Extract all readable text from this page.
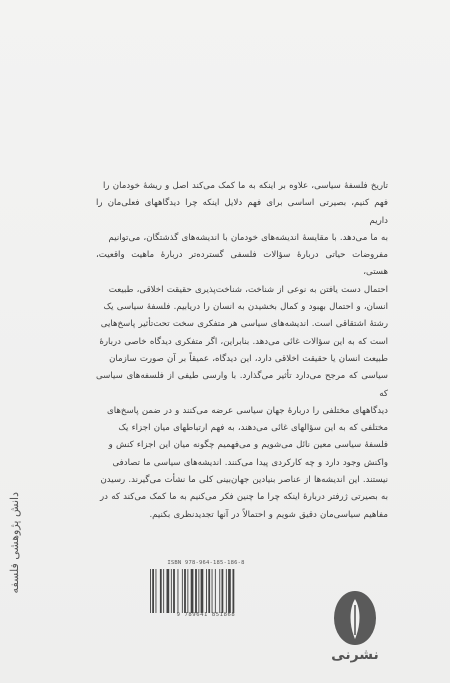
تاریخ فلسفهٔ سیاسی، علاوه بر اینکه به ما کمک می‌کند اصل و ریشهٔ خودمان را

فهم کنیم، بصیرتی اساسی برای فهم دلایل اینکه چرا دیدگاههای فعلی‌مان را داریم

به ما می‌دهد. با مقایسهٔ اندیشه‌های خودمان با اندیشه‌های گذشتگان، می‌توانیم

مفروضات حیاتی دربارهٔ سؤالات فلسفی گسترده‌تر دربارهٔ ماهیت واقعیت، هستی،

احتمال دست یافتن به نوعی از شناخت، شناخت‌پذیری حقیقت اخلاقی، طبیعت

انسان، و احتمال بهبود و کمال بخشیدن به انسان را دریابیم. فلسفهٔ سیاسی یک

رشتهٔ اشتقاقی است. اندیشه‌های سیاسی هر متفکری سخت تحت‌تأثیر پاسخ‌هایی

است که به این سؤالات غائی می‌دهد. بنابراین، اگر متفکری دیدگاه خاصی دربارهٔ

طبیعت انسان یا حقیقت اخلاقی دارد، این دیدگاه، عمیقاً بر آن صورت سازمان

سیاسی که مرجح می‌دارد تأثیر می‌گذارد. با وارسی طیفی از فلسفه‌های سیاسی که

دیدگاههای مختلفی را دربارهٔ جهان سیاسی عرضه می‌کنند و در ضمن پاسخ‌های

مختلفی که به این سؤالهای غائی می‌دهند، به فهم ارتباطهای میان اجزاء یک

فلسفهٔ سیاسی معین نائل می‌شویم و می‌فهمیم چگونه میان این اجزاء کنش و

واکنش وجود دارد و چه کارکردی پیدا می‌کنند. اندیشه‌های سیاسی ما تصادفی

نیستند. این اندیشه‌ها از عناصر بنیادین جهان‌بینی کلی ما نشأت می‌گیرند. رسیدن

به بصیرتی ژرفتر دربارهٔ اینکه چرا ما چنین فکر می‌کنیم به ما کمک می‌کند که در

مفاهیم سیاسی‌مان دقیق شویم و احتمالاً در آنها تجدیدنظری بکنیم.

دانش پژوهشی فلسفه	ISBN 978-964-185-186-8
9 789641 851868
نشرنی
